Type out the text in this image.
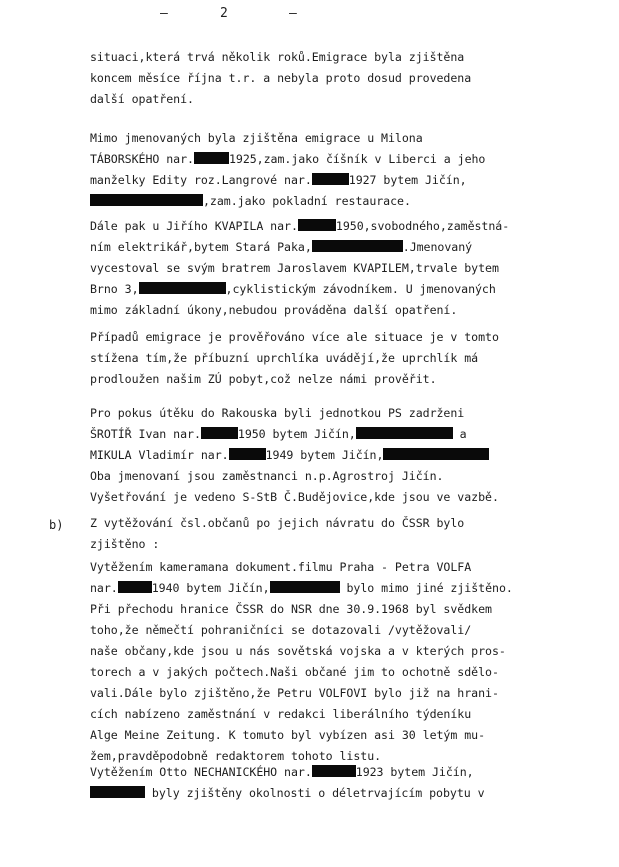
–	2	–
b)
situaci,která trvá několik roků.Emigrace byla zjištěna
koncem měsíce října t.r. a nebyla proto dosud provedena
další opatření.
Mimo jmenovaných byla zjištěna emigrace u Milona
TÁBORSKÉHO nar.	1925,zam.jako číšník v Liberci a jeho
manželky Edity roz.Langrové nar.	1927 bytem Jičín,
,zam.jako pokladní restaurace.
Dále pak u Jiřího KVAPILA nar.	1950,svobodného,zaměstná-
ním elektrikář,bytem Stará Paka,	.Jmenovaný
vycestoval se svým bratrem Jaroslavem KVAPILEM,trvale bytem
Brno 3,	,cyklistickým závodníkem. U jmenovaných
mimo základní úkony,nebudou prováděna další opatření.
Případů emigrace je prověřováno více ale situace je v tomto
stížena tím,že příbuzní uprchlíka uvádějí,že uprchlík má
prodloužen našim ZÚ pobyt,což nelze námi prověřit.
Pro pokus útěku do Rakouska byli jednotkou PS zadrženi
ŠROTÍŘ Ivan nar.	1950 bytem Jičín,	a
MIKULA Vladimír nar.	1949 bytem Jičín,
Oba jmenovaní jsou zaměstnanci n.p.Agrostroj Jičín.
Vyšetřování je vedeno S-StB Č.Budějovice,kde jsou ve vazbě.
Z vytěžování čsl.občanů po jejich návratu do ČSSR bylo
zjištěno :
Vytěžením kameramana dokument.filmu Praha - Petra VOLFA
nar.	1940 bytem Jičín,	bylo mimo jiné zjištěno.
Při přechodu hranice ČSSR do NSR dne 30.9.1968 byl svědkem
toho,že němečtí pohraničníci se dotazovali /vytěžovali/
naše občany,kde jsou u nás sovětská vojska a v kterých pros-
torech a v jakých počtech.Naši občané jim to ochotně sdělo-
vali.Dále bylo zjištěno,že Petru VOLFOVI bylo již na hrani-
cích nabízeno zaměstnání v redakci liberálního týdeníku
Alge Meine Zeitung. K tomuto byl vybízen asi 30 letým mu-
žem,pravděpodobně redaktorem tohoto listu.
Vytěžením Otto NECHANICKÉHO nar.	1923 bytem Jičín,
byly zjištěny okolnosti o déletrvajícím pobytu v
